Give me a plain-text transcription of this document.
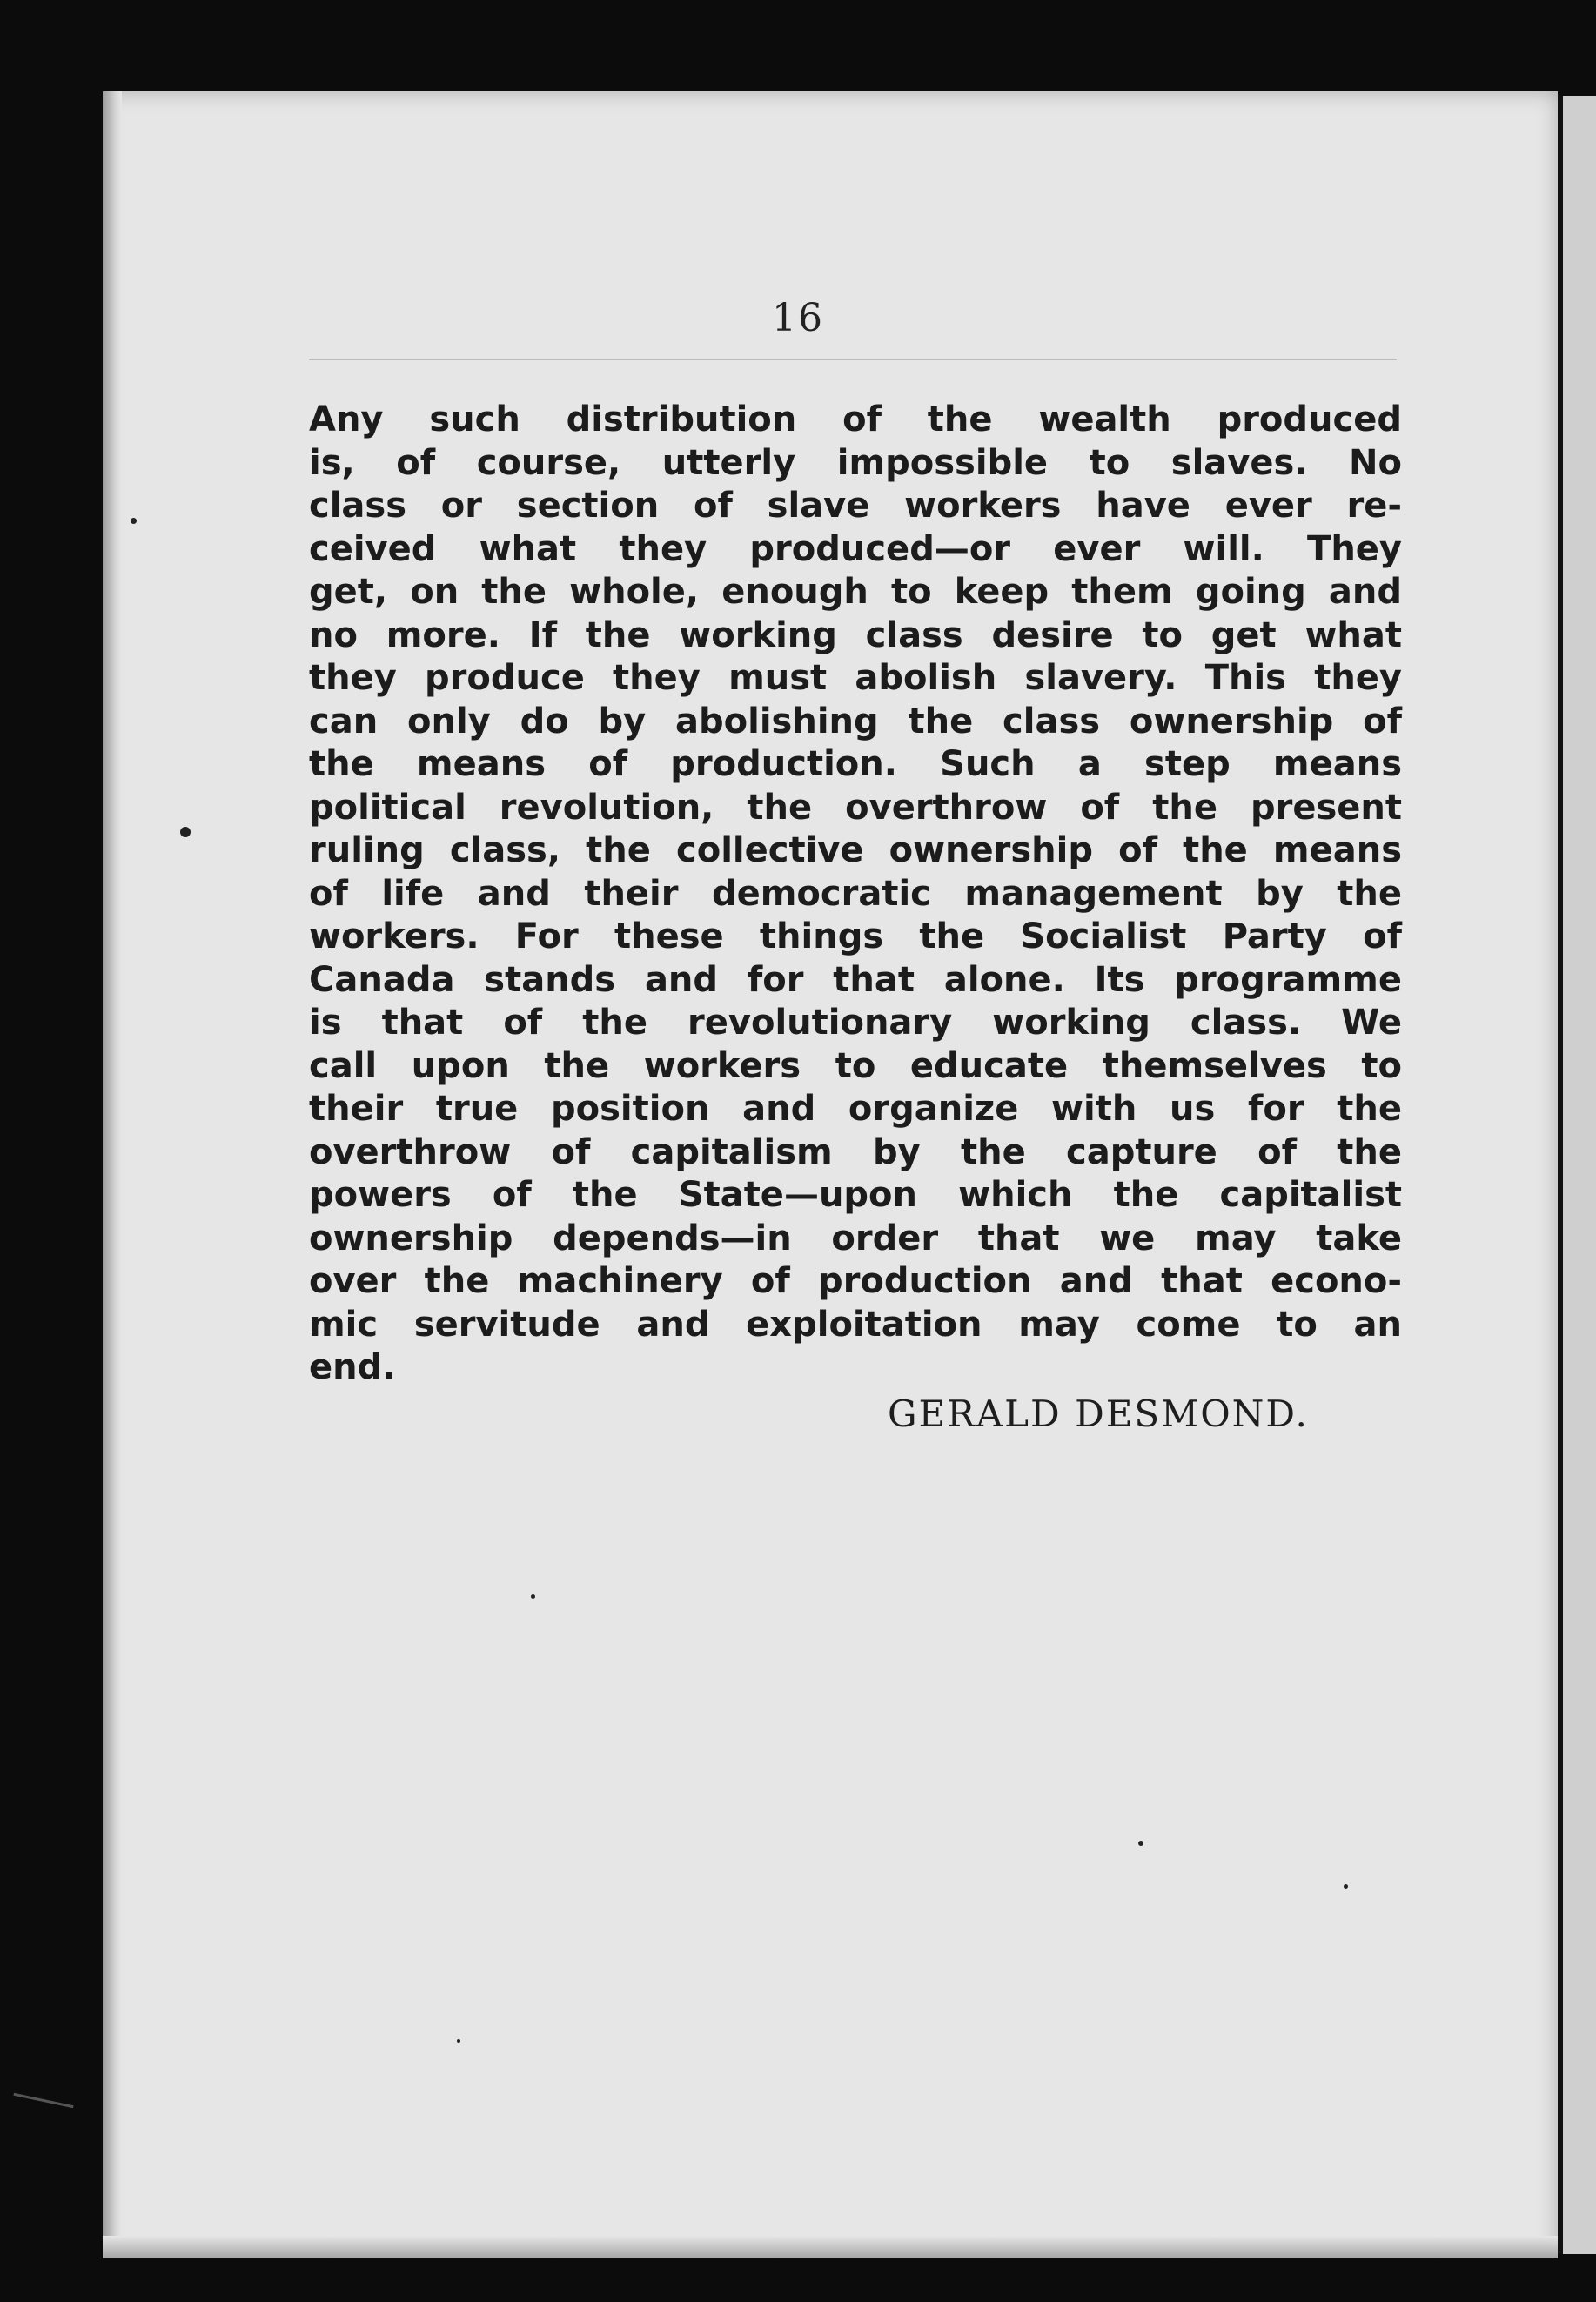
16
Any such distribution of the wealth produced
is, of course, utterly impossible to slaves. No
class or section of slave workers have ever re-
ceived what they produced—or ever will. They
get, on the whole, enough to keep them going and
no more. If the working class desire to get what
they produce they must abolish slavery. This they
can only do by abolishing the class ownership of
the means of production. Such a step means
political revolution, the overthrow of the present
ruling class, the collective ownership of the means
of life and their democratic management by the
workers. For these things the Socialist Party of
Canada stands and for that alone. Its programme
is that of the revolutionary working class. We
call upon the workers to educate themselves to
their true position and organize with us for the
overthrow of capitalism by the capture of the
powers of the State—upon which the capitalist
ownership depends—in order that we may take
over the machinery of production and that econo-
mic servitude and exploitation may come to an
end.
GERALD DESMOND.
